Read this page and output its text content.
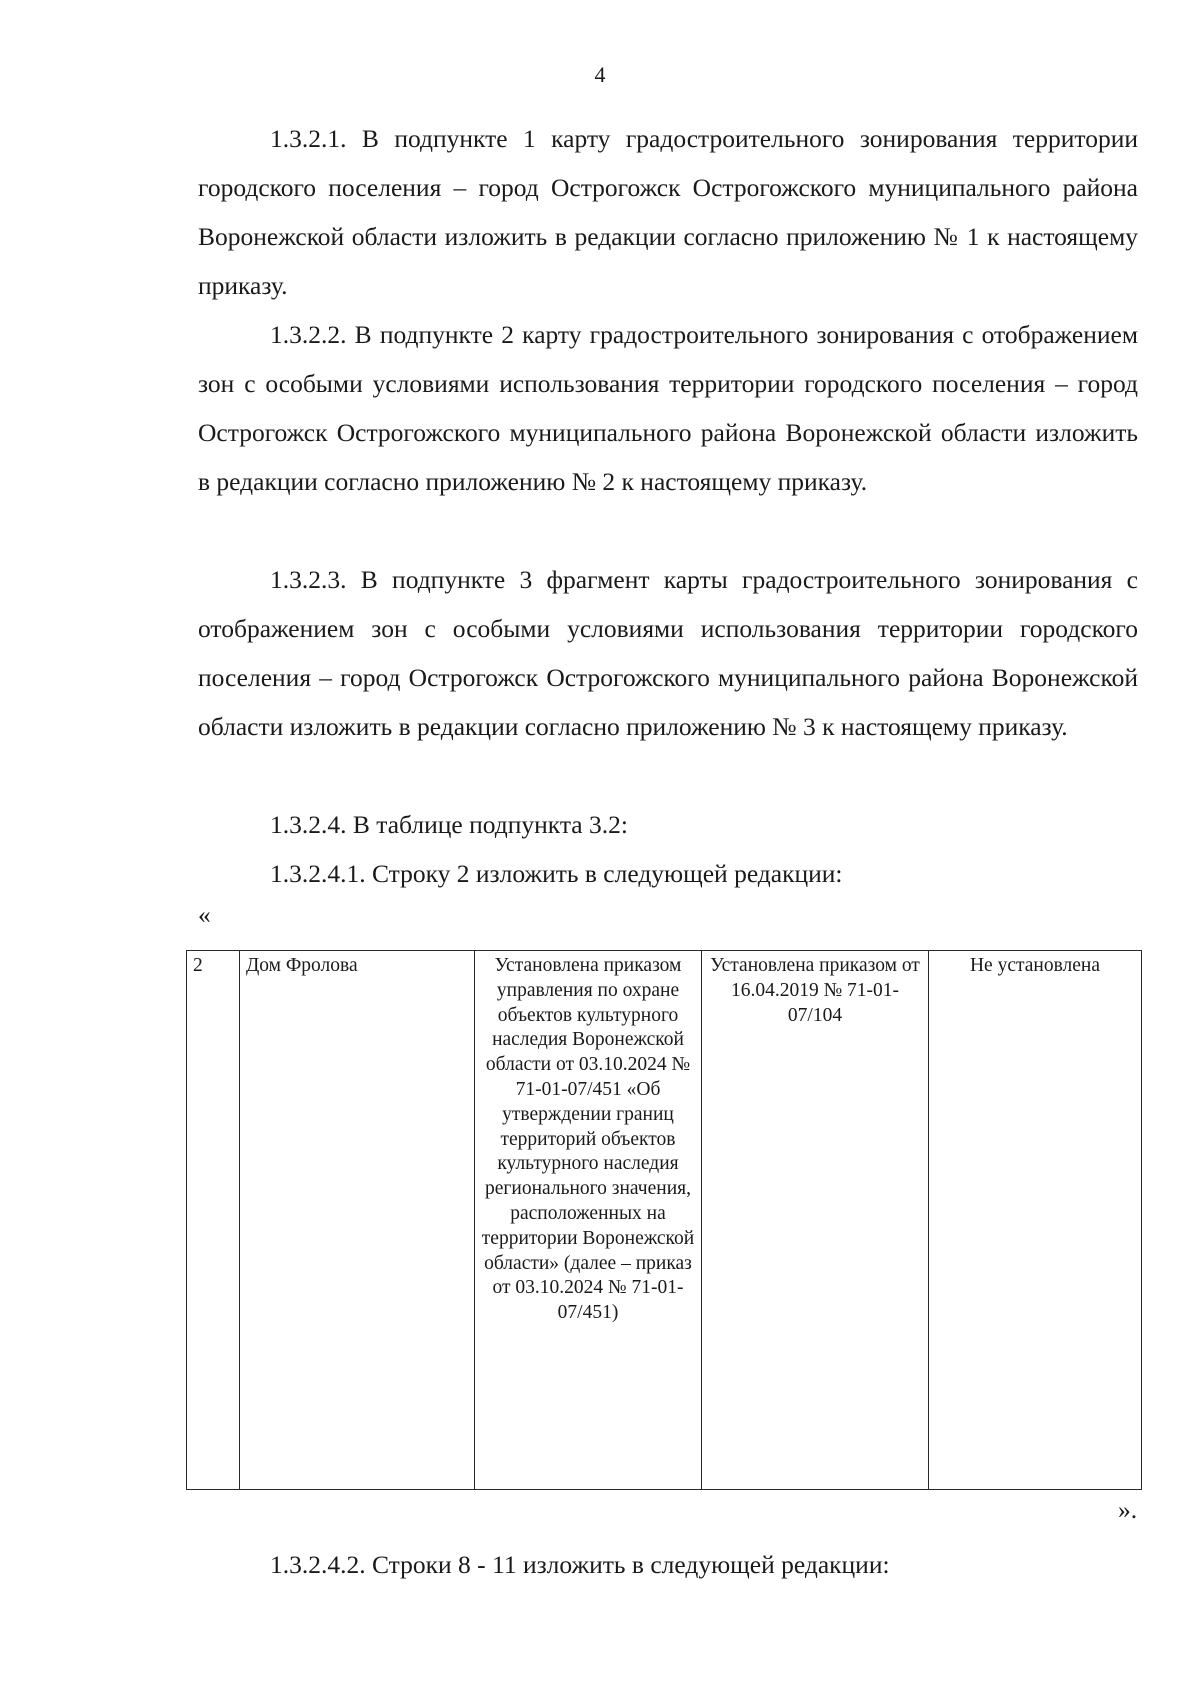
4

1.3.2.1. В подпункте 1 карту градостроительного зонирования территории городского поселения – город Острогожск Острогожского муниципального района Воронежской области изложить в редакции согласно приложению № 1 к настоящему приказу.

1.3.2.2. В подпункте 2 карту градостроительного зонирования с отображением зон с особыми условиями использования территории городского поселения – город Острогожск Острогожского муниципального района Воронежской области изложить в редакции согласно приложению № 2 к настоящему приказу.

1.3.2.3. В подпункте 3 фрагмент карты градостроительного зонирования с отображением зон с особыми условиями использования территории городского поселения – город Острогожск Острогожского муниципального района Воронежской области изложить в редакции согласно приложению № 3 к настоящему приказу.

1.3.2.4. В таблице подпункта 3.2:

1.3.2.4.1. Строку 2 изложить в следующей редакции:

«
2	Дом Фролова	Установлена приказом управления по охране объектов культурного наследия Воронежской области от 03.10.2024 № 71-01-07/451 «Об утверждении границ территорий объектов культурного наследия регионального значения, расположенных на территории Воронежской области» (далее – приказ от 03.10.2024 № 71-01-07/451)	Установлена приказом от 16.04.2019 № 71-01-07/104	Не установлена
».

1.3.2.4.2. Строки 8 - 11 изложить в следующей редакции:
